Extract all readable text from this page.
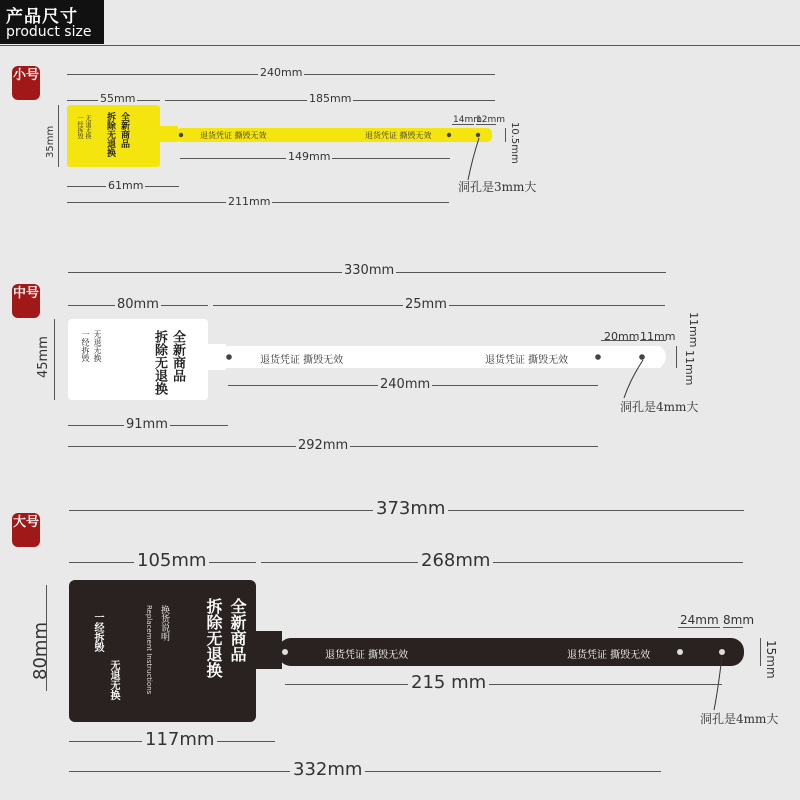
产品尺寸
product size
小号
中号
大号
240mm
55mm	185mm
35mm
14mm
12mm
10.5mm
149mm
61mm
211mm
洞孔是3mm大
全新商品
拆除无退换
一经拆毁 无退无换	退货凭证 撕毁无效	退货凭证 撕毁无效
330mm
80mm	25mm
45mm	20mm 11mm
11mm
11mm
240mm
91mm
292mm
洞孔是4mm大
全新商品
拆除无退换
一经拆毁 无退无换	退货凭证 撕毁无效	退货凭证 撕毁无效
373mm
105mm	268mm
80mm
24mm 8mm
15mm
215 mm
117mm
332mm
洞孔是4mm大
全新商品
拆除无退换
换货说明
Replacement Instructions
一经拆毁
无退无换
退货凭证 撕毁无效	退货凭证 撕毁无效
